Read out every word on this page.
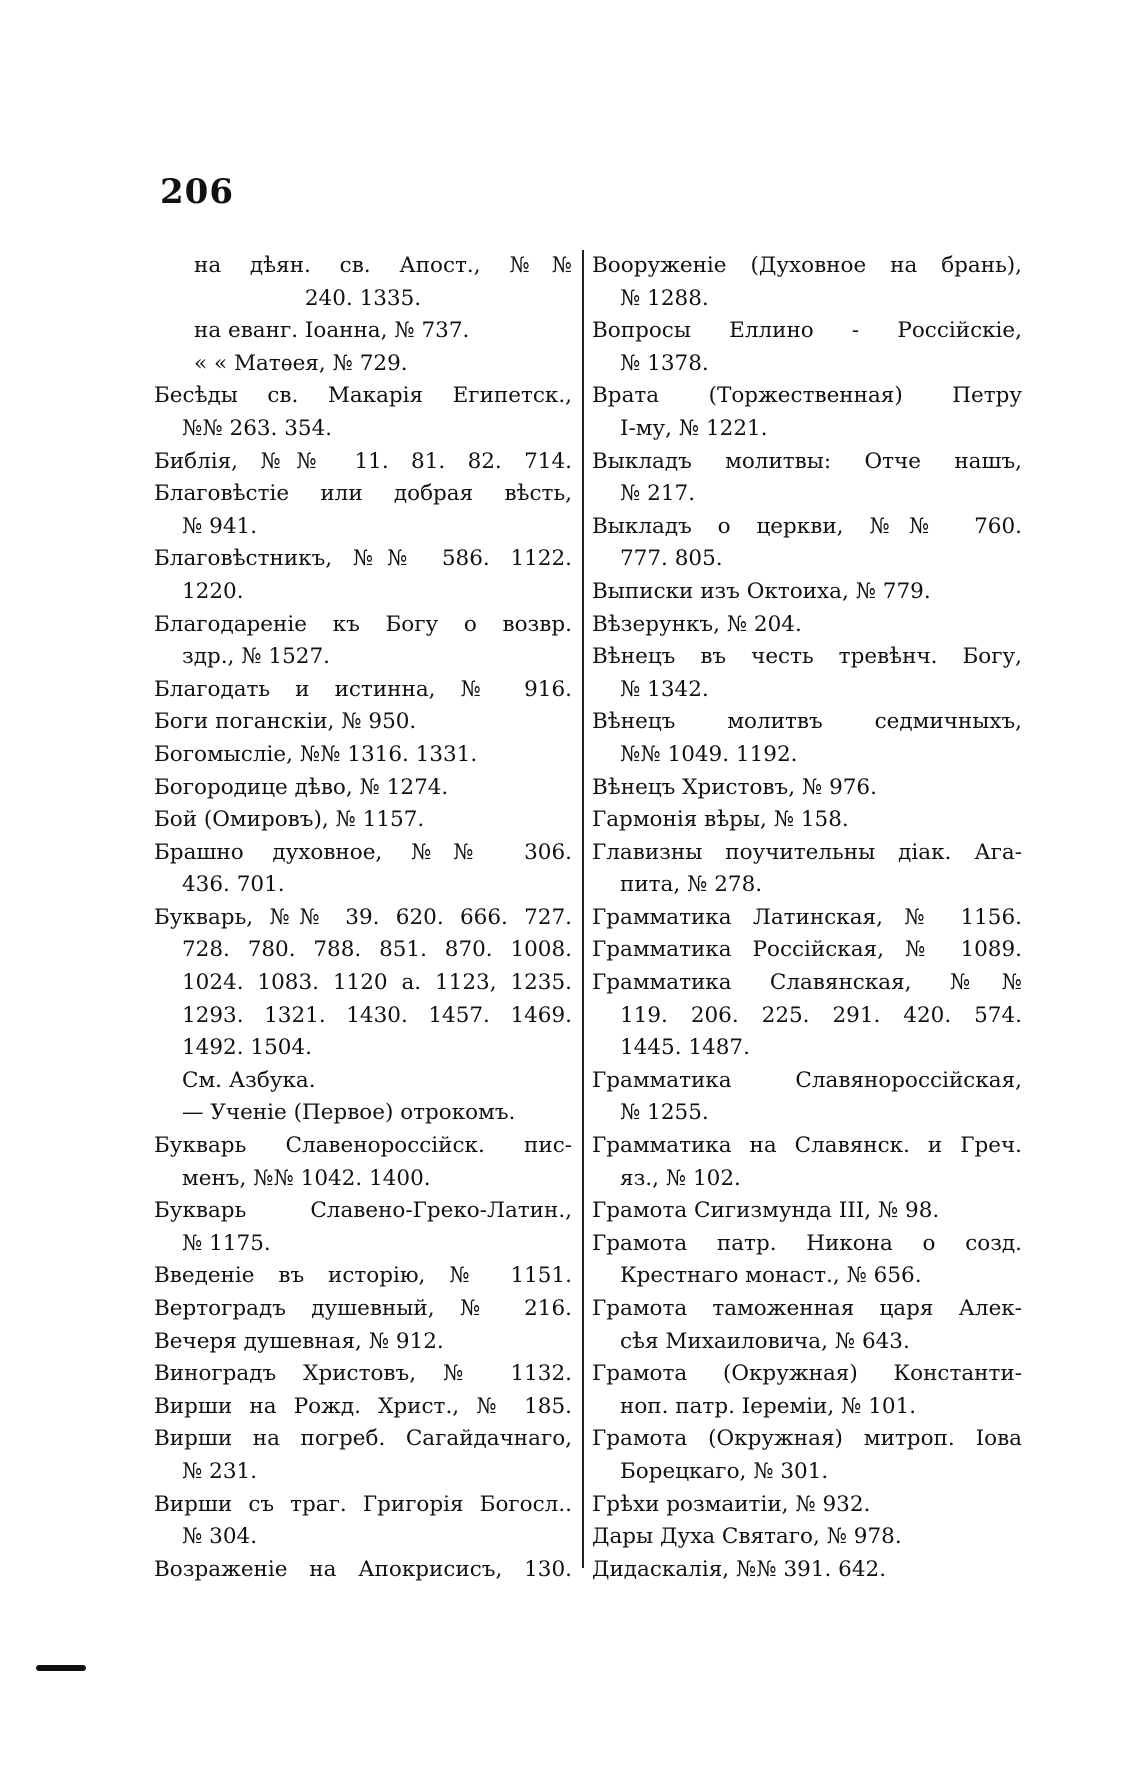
206
на дѣян. св. Апост., №№
240. 1335.
на еванг. Іоанна, № 737.
« « Матѳея, № 729.
Бесѣды св. Макарія Египетск.,
№№ 263. 354.
Библія, №№ 11. 81. 82. 714.
Благовѣстіе или добрая вѣсть,
№ 941.
Благовѣстникъ, №№ 586. 1122.
1220.
Благодареніе къ Богу о возвр.
здр., № 1527.
Благодать и истинна, № 916.
Боги поганскіи, № 950.
Богомысліе, №№ 1316. 1331.
Богородице дѣво, № 1274.
Бой (Омировъ), № 1157.
Брашно духовное, №№ 306.
436. 701.
Букварь, №№ 39. 620. 666. 727.
728. 780. 788. 851. 870. 1008.
1024. 1083. 1120 а. 1123, 1235.
1293. 1321. 1430. 1457. 1469.
1492. 1504.
См. Азбука.
— Ученіе (Первое) отрокомъ.
Букварь Славенороссійск. пис-
менъ, №№ 1042. 1400.
Букварь Славено-Греко-Латин.,
№ 1175.
Введеніе въ исторію, № 1151.
Вертоградъ душевный, № 216.
Вечеря душевная, № 912.
Виноградъ Христовъ, № 1132.
Вирши на Рожд. Христ., № 185.
Вирши на погреб. Сагайдачнаго,
№ 231.
Вирши съ траг. Григорія Богосл..
№ 304.
Возраженіе на Апокрисисъ, 130.
Вооруженіе (Духовное на брань),
№ 1288.
Вопросы Еллино - Россійскіе,
№ 1378.
Врата (Торжественная) Петру
І-му, № 1221.
Выкладъ молитвы: Отче нашъ,
№ 217.
Выкладъ о церкви, №№ 760.
777. 805.
Выписки изъ Октоиха, № 779.
Вѣзерункъ, № 204.
Вѣнецъ въ честь тревѣнч. Богу,
№ 1342.
Вѣнецъ молитвъ седмичныхъ,
№№ 1049. 1192.
Вѣнецъ Христовъ, № 976.
Гармонія вѣры, № 158.
Главизны поучительны діак. Ага-
пита, № 278.
Грамматика Латинская, № 1156.
Грамматика Россійская, № 1089.
Грамматика Славянская, №№
119. 206. 225. 291. 420. 574.
1445. 1487.
Грамматика Славянороссійская,
№ 1255.
Грамматика на Славянск. и Греч.
яз., № 102.
Грамота Сигизмунда III, № 98.
Грамота патр. Никона о созд.
Крестнаго монаст., № 656.
Грамота таможенная царя Алек-
сѣя Михаиловича, № 643.
Грамота (Окружная) Константи-
ноп. патр. Іереміи, № 101.
Грамота (Окружная) митроп. Іова
Борецкаго, № 301.
Грѣхи розмаитіи, № 932.
Дары Духа Святаго, № 978.
Дидаскалія, №№ 391. 642.
